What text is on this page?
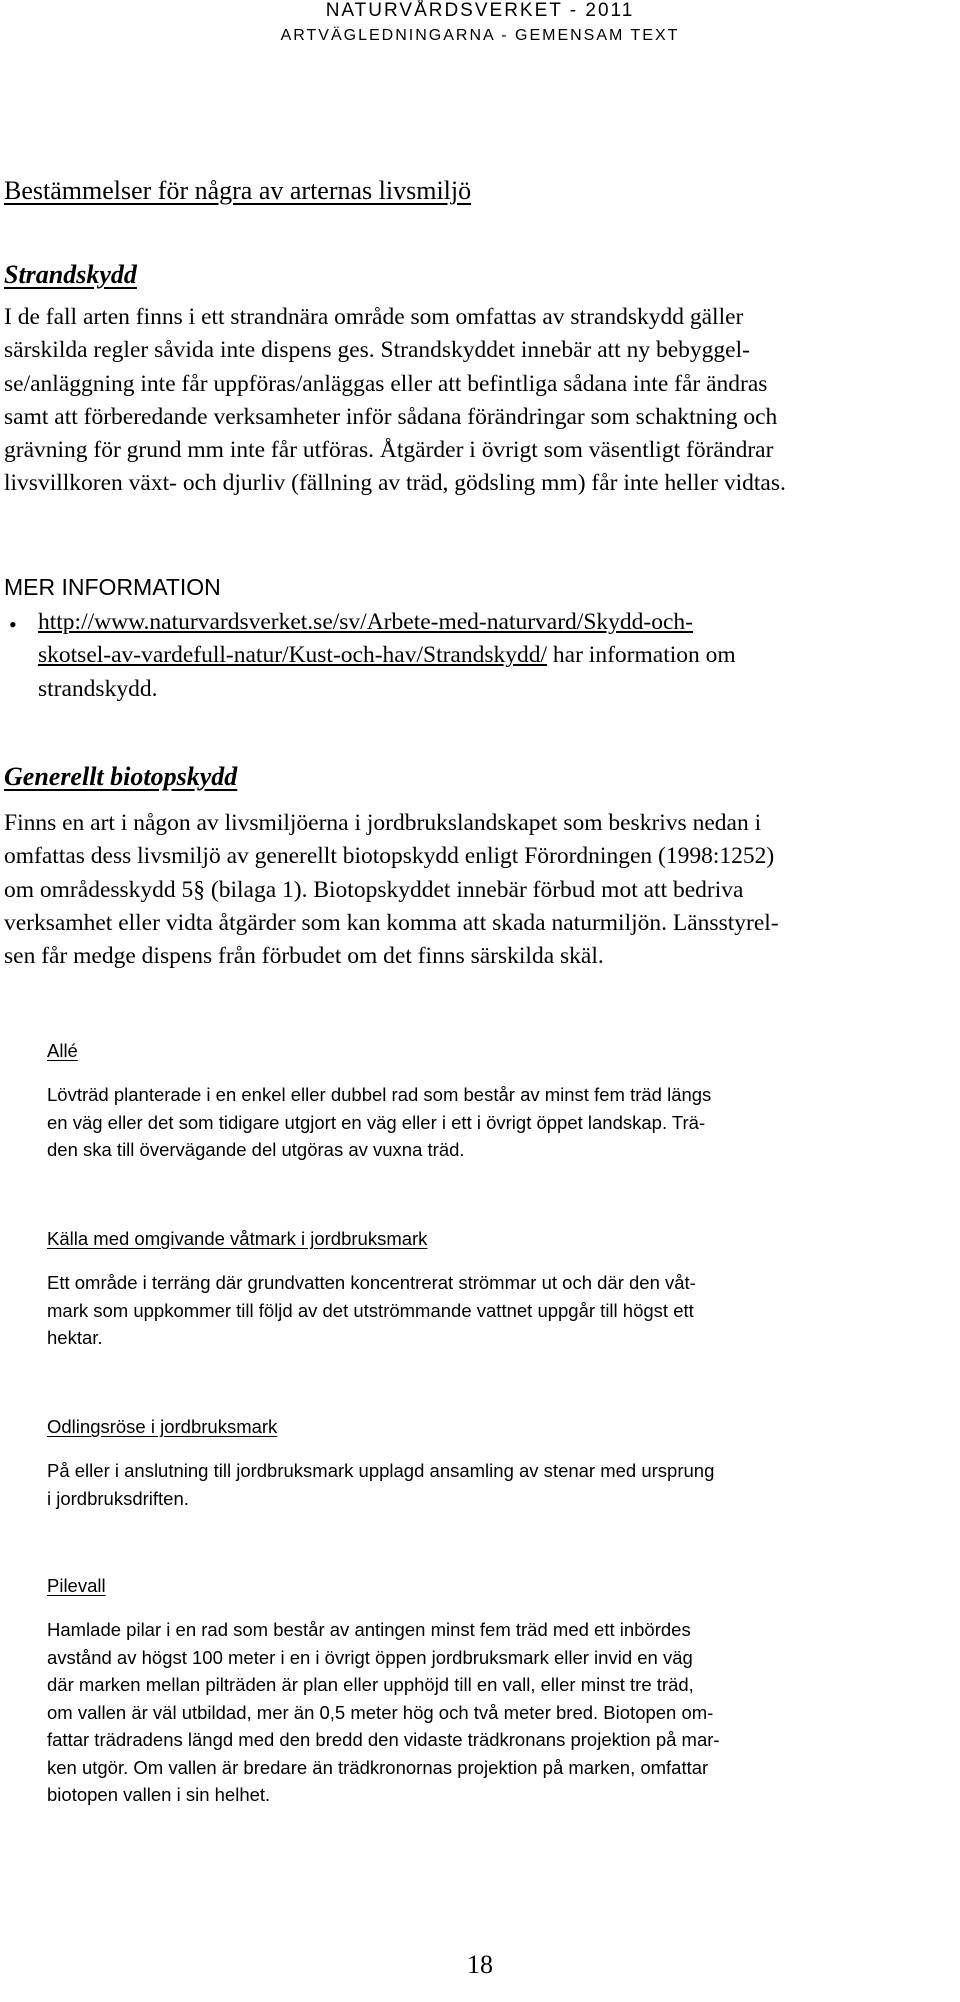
NATURVÅRDSVERKET - 2011
ARTVÄGLEDNINGARNA - GEMENSAM TEXT
Bestämmelser för några av arternas livsmiljö
Strandskydd

I de fall arten finns i ett strandnära område som omfattas av strandskydd gäller

särskilda regler såvida inte dispens ges. Strandskyddet innebär att ny bebyggel-

se/anläggning inte får uppföras/anläggas eller att befintliga sådana inte får ändras

samt att förberedande verksamheter inför sådana förändringar som schaktning och

grävning för grund mm inte får utföras. Åtgärder i övrigt som väsentligt förändrar

livsvillkoren växt- och djurliv (fällning av träd, gödsling mm) får inte heller vidtas.

MER INFORMATION
• http://www.naturvardsverket.se/sv/Arbete-med-naturvard/Skydd-och-

skotsel-av-vardefull-natur/Kust-och-hav/Strandskydd/ har information om

strandskydd.

Generellt biotopskydd

Finns en art i någon av livsmiljöerna i jordbrukslandskapet som beskrivs nedan i

omfattas dess livsmiljö av generellt biotopskydd enligt Förordningen (1998:1252)

om områdesskydd 5§ (bilaga 1). Biotopskyddet innebär förbud mot att bedriva

verksamhet eller vidta åtgärder som kan komma att skada naturmiljön. Länsstyrel-

sen får medge dispens från förbudet om det finns särskilda skäl.

Allé

Lövträd planterade i en enkel eller dubbel rad som består av minst fem träd längs

en väg eller det som tidigare utgjort en väg eller i ett i övrigt öppet landskap. Trä-

den ska till övervägande del utgöras av vuxna träd.

Källa med omgivande våtmark i jordbruksmark

Ett område i terräng där grundvatten koncentrerat strömmar ut och där den våt-

mark som uppkommer till följd av det utströmmande vattnet uppgår till högst ett

hektar.

Odlingsröse i jordbruksmark

På eller i anslutning till jordbruksmark upplagd ansamling av stenar med ursprung

i jordbruksdriften.

Pilevall

Hamlade pilar i en rad som består av antingen minst fem träd med ett inbördes

avstånd av högst 100 meter i en i övrigt öppen jordbruksmark eller invid en väg

där marken mellan pilträden är plan eller upphöjd till en vall, eller minst tre träd,

om vallen är väl utbildad, mer än 0,5 meter hög och två meter bred. Biotopen om-

fattar trädradens längd med den bredd den vidaste trädkronans projektion på mar-

ken utgör. Om vallen är bredare än trädkronornas projektion på marken, omfattar

biotopen vallen i sin helhet.

18
